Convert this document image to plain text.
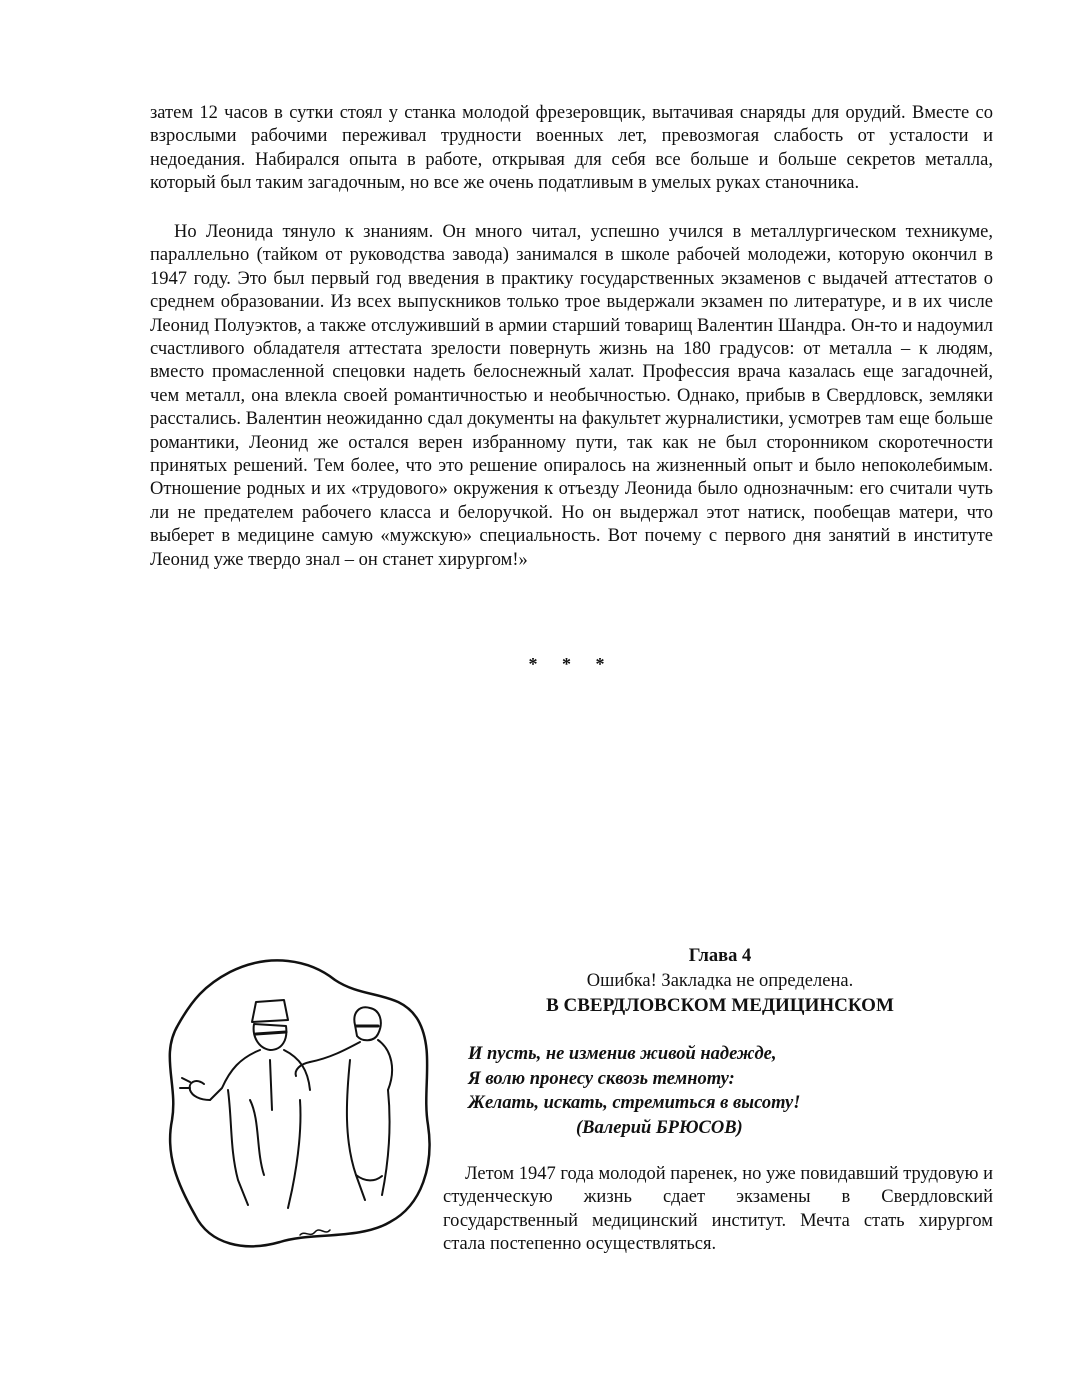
затем 12 часов в сутки стоял у станка молодой фрезеровщик, вытачивая снаряды для орудий. Вместе со взрослыми рабочими переживал трудности военных лет, превозмогая слабость от усталости и недоедания. Набирался опыта в работе, открывая для себя все больше и больше секретов металла, который был таким загадочным, но все же очень податливым в умелых руках станочника.

Но Леонида тянуло к знаниям. Он много читал, успешно учился в металлургическом техникуме, параллельно (тайком от руководства завода) занимался в школе рабочей молодежи, которую окончил в 1947 году. Это был первый год введения в практику государственных экзаменов с выдачей аттестатов о среднем образовании. Из всех выпускников только трое выдержали экзамен по литературе, и в их числе Леонид Полуэктов, а также отслуживший в армии старший товарищ Валентин Шандра. Он-то и надоумил счастливого обладателя аттестата зрелости повернуть жизнь на 180 градусов: от металла – к людям, вместо промасленной спецовки надеть белоснежный халат. Профессия врача казалась еще загадочней, чем металл, она влекла своей романтичностью и необычностью. Однако, прибыв в Свердловск, земляки расстались. Валентин неожиданно сдал документы на факультет журналистики, усмотрев там еще больше романтики, Леонид же остался верен избранному пути, так как не был сторонником скоротечности принятых решений. Тем более, что это решение опиралось на жизненный опыт и было непоколебимым. Отношение родных и их «трудового» окружения к отъезду Леонида было однозначным: его считали чуть ли не предателем рабочего класса и белоручкой. Но он выдержал этот натиск, пообещав матери, что выберет в медицине самую «мужскую» специальность. Вот почему с первого дня занятий в институте Леонид уже твердо знал – он станет хирургом!»

* * *
Глава 4
Ошибка! Закладка не определена.
В СВЕРДЛОВСКОМ МЕДИЦИНСКОМ
И пусть, не изменив живой надежде,
Я волю пронесу сквозь темноту:
Желать, искать, стремиться в высоту!
(Валерий БРЮСОВ)

Летом 1947 года молодой паренек, но уже повидавший трудовую и студенческую жизнь сдает экзамены в Свердловский государственный медицинский институт. Мечта стать хирургом стала постепенно осуществляться.
